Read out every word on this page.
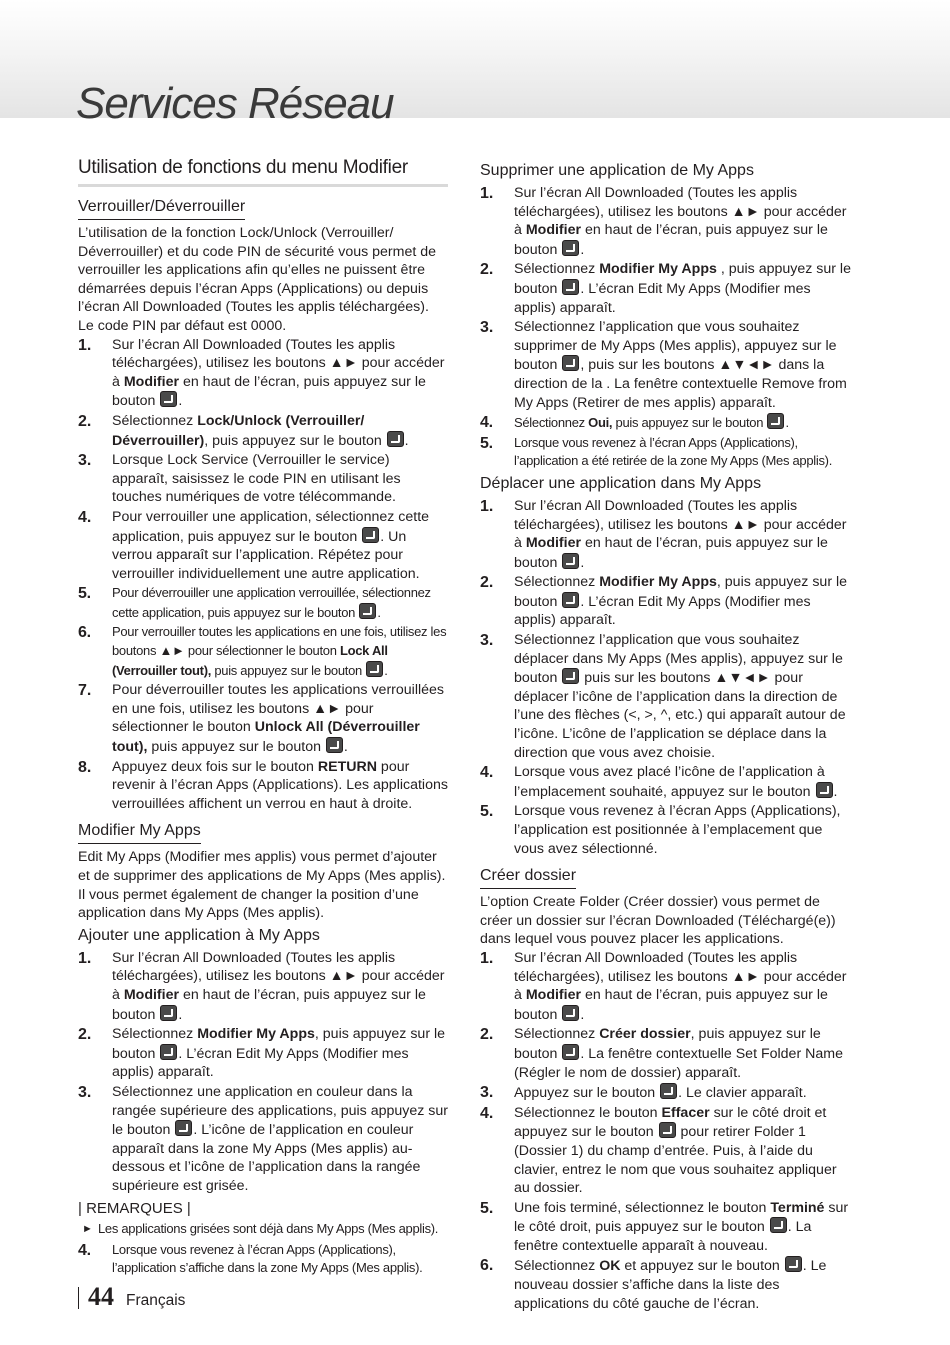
Services Réseau
Utilisation de fonctions du menu Modifier
Verrouiller/Déverrouiller

L’utilisation de la fonction Lock/Unlock (Verrouiller/ Déverrouiller) et du code PIN de sécurité vous permet de verrouiller les applications afin qu’elles ne puissent être démarrées depuis l’écran Apps (Applications) ou depuis l’écran All Downloaded (Toutes les applis téléchargées). Le code PIN par défaut est 0000.

1.	Sur l’écran All Downloaded (Toutes les applis téléchargées), utilisez les boutons ▲► pour accéder à Modifier en haut de l’écran, puis appuyez sur le bouton .
2.	Sélectionnez Lock/Unlock (Verrouiller/ Déverrouiller), puis appuyez sur le bouton .
3.	Lorsque Lock Service (Verrouiller le service) apparaît, saisissez le code PIN en utilisant les touches numériques de votre télécommande.
4.	Pour verrouiller une application, sélectionnez cette application, puis appuyez sur le bouton . Un verrou apparaît sur l’application. Répétez pour verrouiller individuellement une autre application.
5.	Pour déverrouiller une application verrouillée, sélectionnez cette application, puis appuyez sur le bouton .
6.	Pour verrouiller toutes les applications en une fois, utilisez les boutons ▲► pour sélectionner le bouton Lock All (Verrouiller tout), puis appuyez sur le bouton .
7.	Pour déverrouiller toutes les applications verrouillées en une fois, utilisez les boutons ▲► pour sélectionner le bouton Unlock All (Déverrouiller tout), puis appuyez sur le bouton .
8.	Appuyez deux fois sur le bouton RETURN pour revenir à l’écran Apps (Applications). Les applications verrouillées affichent un verrou en haut à droite.
Modifier My Apps

Edit My Apps (Modifier mes applis) vous permet d’ajouter et de supprimer des applications de My Apps (Mes applis). Il vous permet également de changer la position d’une application dans My Apps (Mes applis).

Ajouter une application à My Apps
1.	Sur l’écran All Downloaded (Toutes les applis téléchargées), utilisez les boutons ▲► pour accéder à Modifier en haut de l’écran, puis appuyez sur le bouton .
2.	Sélectionnez Modifier My Apps, puis appuyez sur le bouton . L’écran Edit My Apps (Modifier mes applis) apparaît.
3.	Sélectionnez une application en couleur dans la rangée supérieure des applications, puis appuyez sur le bouton . L’icône de l’application en couleur apparaît dans la zone My Apps (Mes applis) au-dessous et l’icône de l’application dans la rangée supérieure est grisée.
| REMARQUES |
► Les applications grisées sont déjà dans My Apps (Mes applis).
4.	Lorsque vous revenez à l’écran Apps (Applications), l’application s’affiche dans la zone My Apps (Mes applis).
Supprimer une application de My Apps
1.	Sur l’écran All Downloaded (Toutes les applis téléchargées), utilisez les boutons ▲► pour accéder à Modifier en haut de l’écran, puis appuyez sur le bouton .
2.	Sélectionnez Modifier My Apps , puis appuyez sur le bouton . L’écran Edit My Apps (Modifier mes applis) apparaît.
3.	Sélectionnez l’application que vous souhaitez supprimer de My Apps (Mes applis), appuyez sur le bouton , puis sur les boutons ▲▼◄► dans la direction de la . La fenêtre contextuelle Remove from My Apps (Retirer de mes applis) apparaît.
4.	Sélectionnez Oui, puis appuyez sur le bouton .
5.	Lorsque vous revenez à l’écran Apps (Applications), l’application a été retirée de la zone My Apps (Mes applis).
Déplacer une application dans My Apps
1.	Sur l’écran All Downloaded (Toutes les applis téléchargées), utilisez les boutons ▲► pour accéder à Modifier en haut de l’écran, puis appuyez sur le bouton .
2.	Sélectionnez Modifier My Apps, puis appuyez sur le bouton . L’écran Edit My Apps (Modifier mes applis) apparaît.
3.	Sélectionnez l’application que vous souhaitez déplacer dans My Apps (Mes applis), appuyez sur le bouton  puis sur les boutons ▲▼◄► pour déplacer l’icône de l’application dans la direction de l’une des flèches (<, >, ^, etc.) qui apparaît autour de l’icône. L’icône de l’application se déplace dans la direction que vous avez choisie.
4.	Lorsque vous avez placé l’icône de l’application à l’emplacement souhaité, appuyez sur le bouton .
5.	Lorsque vous revenez à l’écran Apps (Applications), l’application est positionnée à l’emplacement que vous avez sélectionné.
Créer dossier

L’option Create Folder (Créer dossier) vous permet de créer un dossier sur l’écran Downloaded (Téléchargé(e)) dans lequel vous pouvez placer les applications.

1.	Sur l’écran All Downloaded (Toutes les applis téléchargées), utilisez les boutons ▲► pour accéder à Modifier en haut de l’écran, puis appuyez sur le bouton .
2.	Sélectionnez Créer dossier, puis appuyez sur le bouton . La fenêtre contextuelle Set Folder Name (Régler le nom de dossier) apparaît.
3.	Appuyez sur le bouton . Le clavier apparaît.
4.	Sélectionnez le bouton Effacer sur le côté droit et appuyez sur le bouton  pour retirer Folder 1 (Dossier 1) du champ d’entrée. Puis, à l’aide du clavier, entrez le nom que vous souhaitez appliquer au dossier.
5.	Une fois terminé, sélectionnez le bouton Terminé sur le côté droit, puis appuyez sur le bouton . La fenêtre contextuelle apparaît à nouveau.
6.	Sélectionnez OK et appuyez sur le bouton . Le nouveau dossier s’affiche dans la liste des applications du côté gauche de l’écran.
44 Français
